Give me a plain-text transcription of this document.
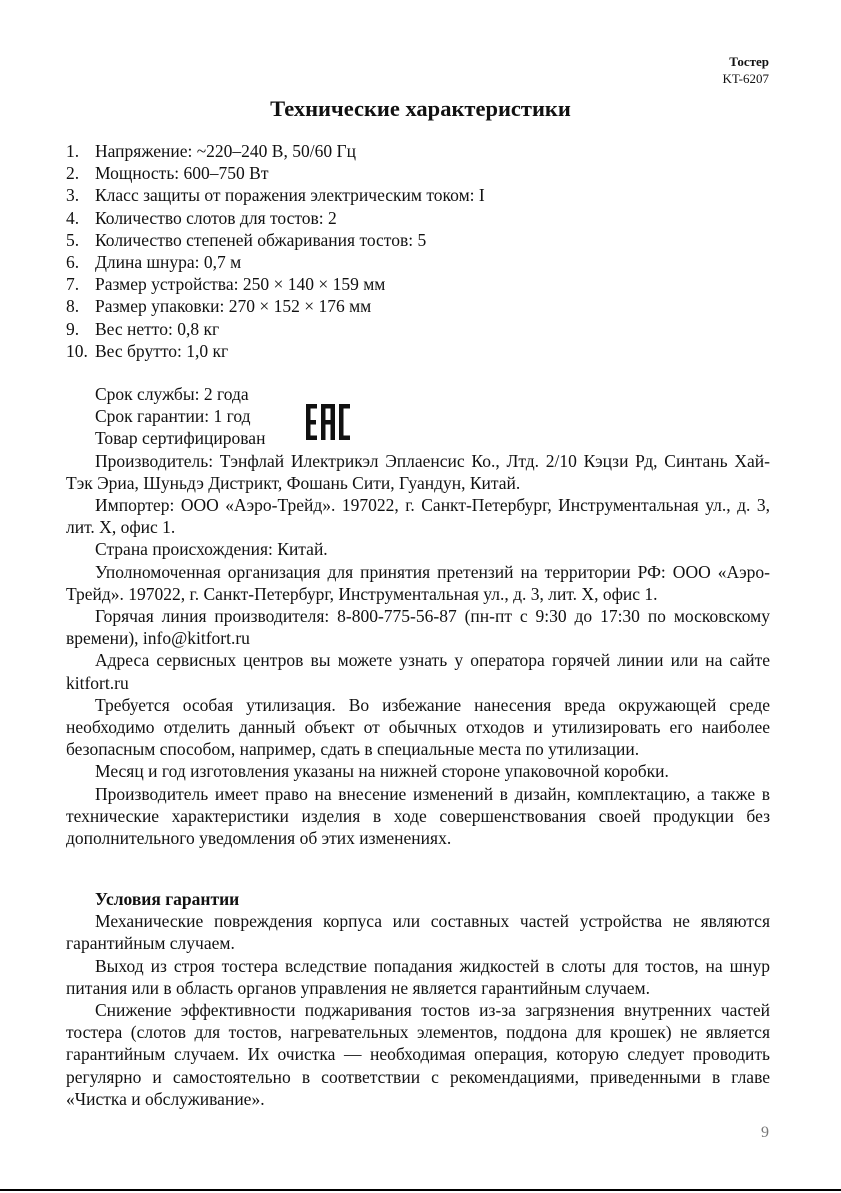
Тостер
KT-6207
Технические характеристики
1. Напряжение: ~220–240 В, 50/60 Гц
2. Мощность: 600–750 Вт
3. Класс защиты от поражения электрическим током: I
4. Количество слотов для тостов: 2
5. Количество степеней обжаривания тостов: 5
6. Длина шнура: 0,7 м
7. Размер устройства: 250 × 140 × 159 мм
8. Размер упаковки: 270 × 152 × 176 мм
9. Вес нетто: 0,8 кг
10. Вес брутто: 1,0 кг

Срок службы: 2 года

Срок гарантии: 1 год

Товар сертифицирован

Производитель: Тэнфлай Илектрикэл Эплаенсис Ко., Лтд. 2/10 Кэцзи Рд, Синтань Хай-Тэк Эриа, Шуньдэ Дистрикт, Фошань Сити, Гуандун, Китай.

Импортер: ООО «Аэро-Трейд». 197022, г. Санкт-Петербург, Инструментальная ул., д. 3, лит. Х, офис 1.

Страна происхождения: Китай.

Уполномоченная организация для принятия претензий на территории РФ: ООО «Аэро-Трейд». 197022, г. Санкт-Петербург, Инструментальная ул., д. 3, лит. Х, офис 1.

Горячая линия производителя: 8-800-775-56-87 (пн-пт с 9:30 до 17:30 по московскому времени), info@kitfort.ru

Адреса сервисных центров вы можете узнать у оператора горячей линии или на сайте kitfort.ru

Требуется особая утилизация. Во избежание нанесения вреда окружающей среде необходимо отделить данный объект от обычных отходов и утилизировать его наиболее безопасным способом, например, сдать в специальные места по утилизации.

Месяц и год изготовления указаны на нижней стороне упаковочной коробки.

Производитель имеет право на внесение изменений в дизайн, комплектацию, а также в технические характеристики изделия в ходе совершенствования своей продукции без дополнительного уведомления об этих изменениях.

Условия гарантии

Механические повреждения корпуса или составных частей устройства не являются гарантийным случаем.

Выход из строя тостера вследствие попадания жидкостей в слоты для тостов, на шнур питания или в область органов управления не является гарантийным случаем.

Снижение эффективности поджаривания тостов из-за загрязнения внутренних частей тостера (слотов для тостов, нагревательных элементов, поддона для крошек) не является гарантийным случаем. Их очистка — необходимая операция, которую следует проводить регулярно и самостоятельно в соответствии с рекомендациями, приведенными в главе «Чистка и обслуживание».

9
